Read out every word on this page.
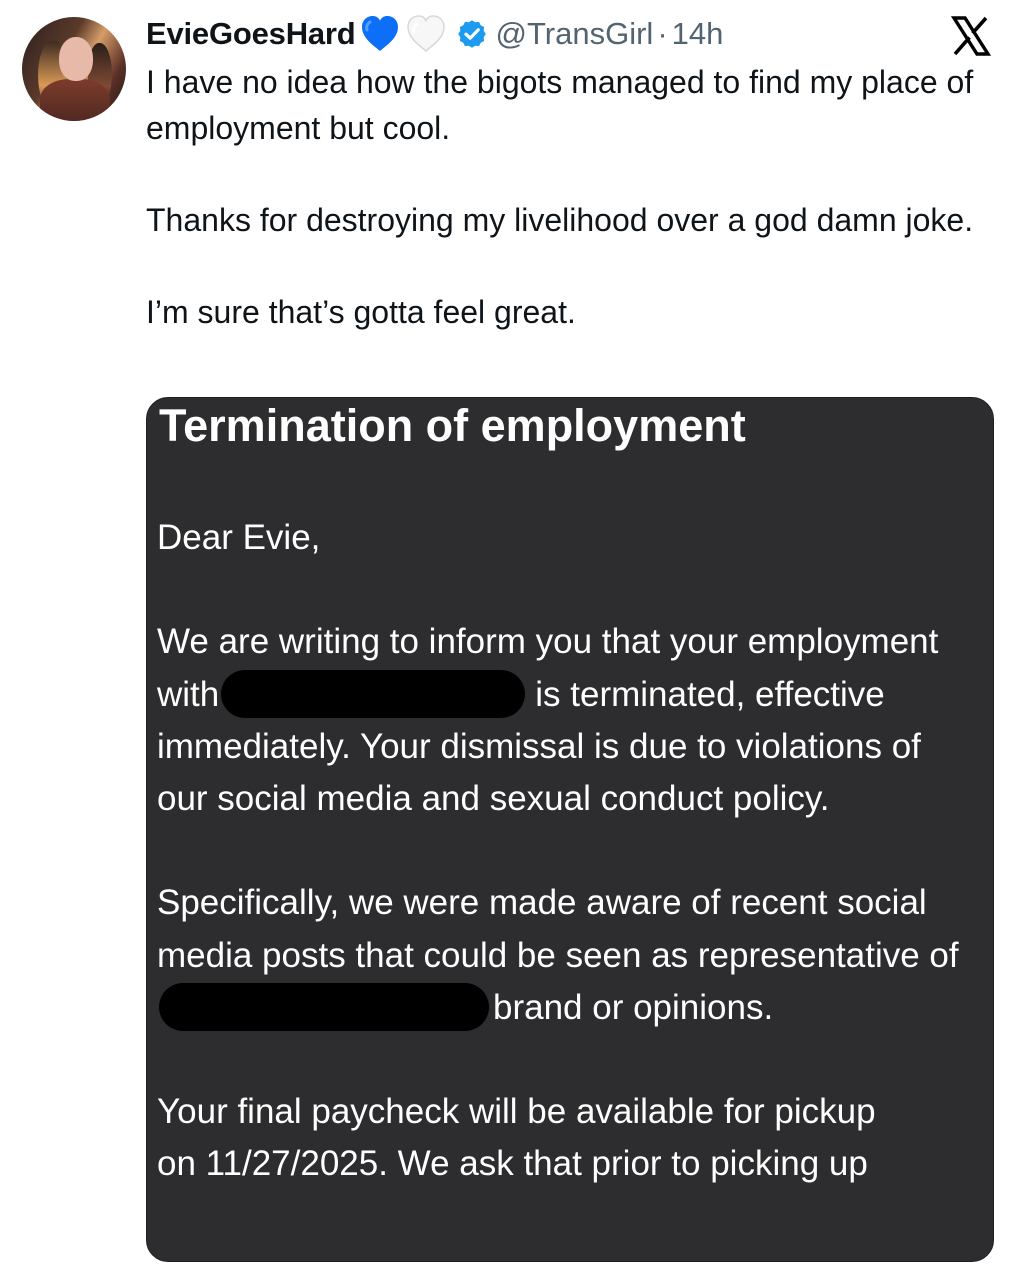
EvieGoesHard	@TransGirl · 14h

I have no idea how the bigots managed to find my place of employment but cool.

Thanks for destroying my livelihood over a god damn joke.

I’m sure that’s gotta feel great.

Termination of employment

Dear Evie,

We are writing to inform you that your employment with	is terminated, effective immediately. Your dismissal is due to violations of our social media and sexual conduct policy.

Specifically, we were made aware of recent social media posts that could be seen as representative ofbrand or opinions.

Your final paycheck will be available for pickup

on 11/27/2025. We ask that prior to picking up
